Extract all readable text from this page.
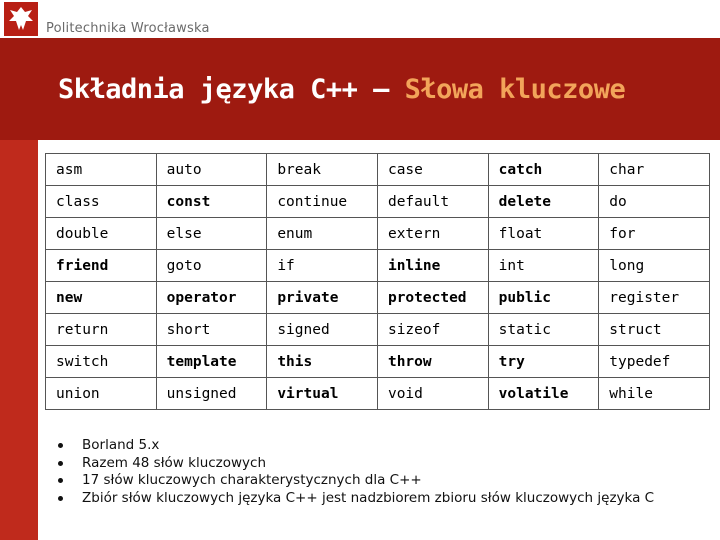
Politechnika Wrocławska
Składnia języka C++ – Słowa kluczowe
asm	auto	break	case	catch	char
class	const	continue	default	delete	do
double	else	enum	extern	float	for
friend	goto	if	inline	int	long
new	operator	private	protected	public	register
return	short	signed	sizeof	static	struct
switch	template	this	throw	try	typedef
union	unsigned	virtual	void	volatile	while
Borland 5.x
Razem 48 słów kluczowych
17 słów kluczowych charakterystycznych dla C++
Zbiór słów kluczowych języka C++ jest nadzbiorem zbioru słów kluczowych języka C
